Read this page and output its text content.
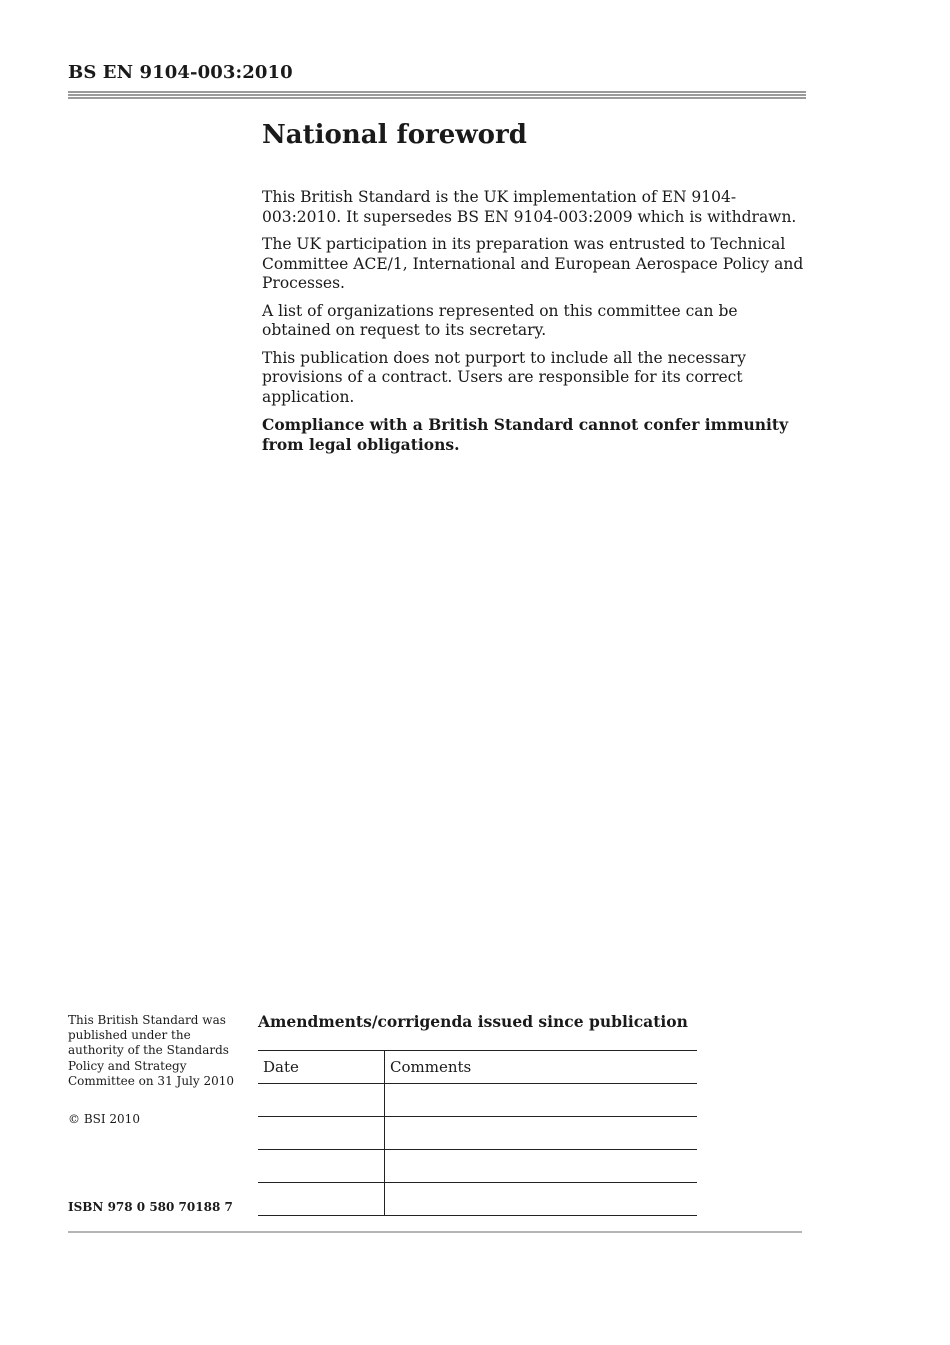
BS EN 9104-003:2010
National foreword

This British Standard is the UK implementation of EN 9104-003:2010. It supersedes BS EN 9104-003:2009 which is withdrawn.

The UK participation in its preparation was entrusted to Technical Committee ACE/1, International and European Aerospace Policy and Processes.

A list of organizations represented on this committee can be obtained on request to its secretary.

This publication does not purport to include all the necessary provisions of a contract. Users are responsible for its correct application.

Compliance with a British Standard cannot confer immunity from legal obligations.

This British Standard was published under the authority of the Standards Policy and Strategy Committee on 31 July 2010
© BSI 2010
ISBN 978 0 580 70188 7
Amendments/corrigenda issued since publication
Date	Comments
